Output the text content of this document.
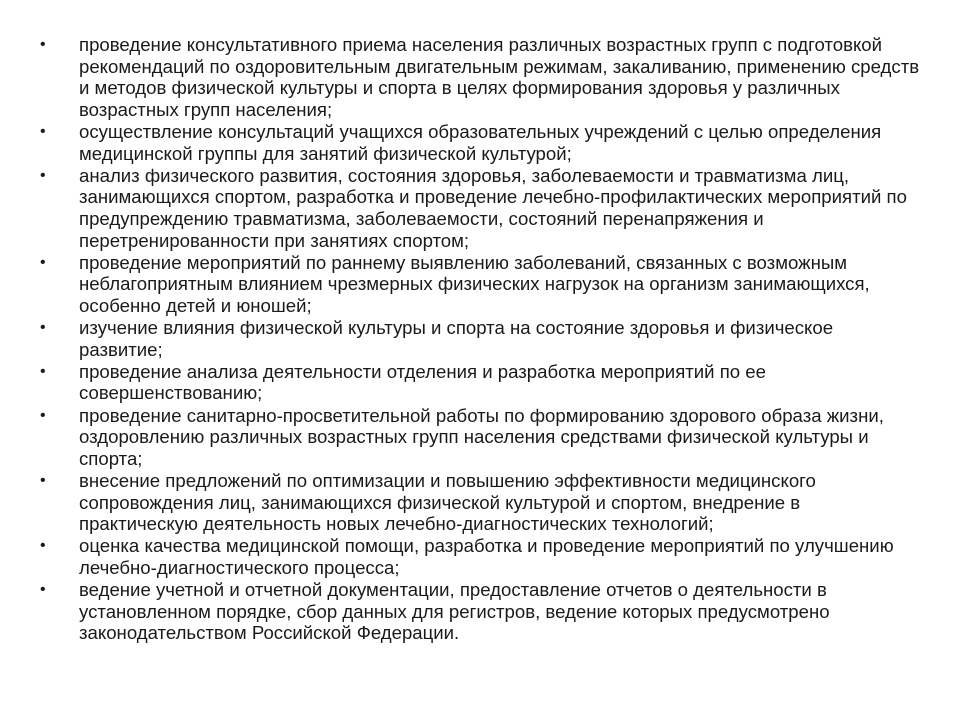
•	проведение консультативного приема населения различных возрастных групп с подготовкой рекомендаций по оздоровительным двигательным режимам, закаливанию, применению средств и методов физической культуры и спорта в целях формирования здоровья у различных возрастных групп населения;
•	осуществление консультаций учащихся образовательных учреждений с целью определения медицинской группы для занятий физической культурой;
•	анализ физического развития, состояния здоровья, заболеваемости и травматизма лиц, занимающихся спортом, разработка и проведение лечебно-профилактических мероприятий по предупреждению травматизма, заболеваемости, состояний перенапряжения и перетренированности при занятиях спортом;
•	проведение мероприятий по раннему выявлению заболеваний, связанных с возможным неблагоприятным влиянием чрезмерных физических нагрузок на организм занимающихся, особенно детей и юношей;
•	изучение влияния физической культуры и спорта на состояние здоровья и физическое развитие;
•	проведение анализа деятельности отделения и разработка мероприятий по ее совершенствованию;
•	проведение санитарно-просветительной работы по формированию здорового образа жизни, оздоровлению различных возрастных групп населения средствами физической культуры и спорта;
•	внесение предложений по оптимизации и повышению эффективности медицинского сопровождения лиц, занимающихся физической культурой и спортом, внедрение в практическую деятельность новых лечебно-диагностических технологий;
•	оценка качества медицинской помощи, разработка и проведение мероприятий по улучшению лечебно-диагностического процесса;
•	ведение учетной и отчетной документации, предоставление отчетов о деятельности в установленном порядке, сбор данных для регистров, ведение которых предусмотрено законодательством Российской Федерации.
